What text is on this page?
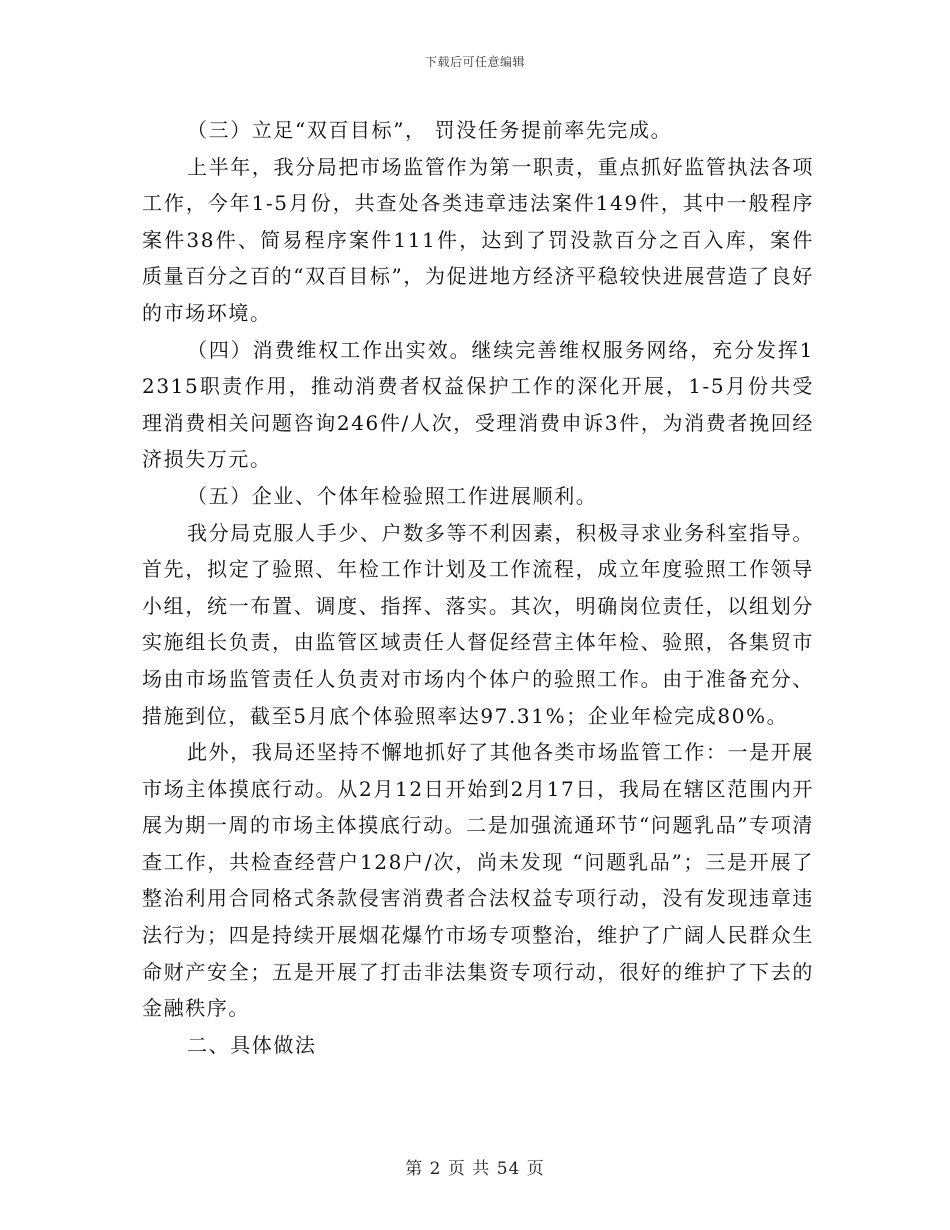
下载后可任意编辑

（三）立足“双百目标”， 罚没任务提前率先完成。

上半年，我分局把市场监管作为第一职责，重点抓好监管执法各项工作，今年1-5月份，共查处各类违章违法案件149件，其中一般程序案件38件、简易程序案件111件，达到了罚没款百分之百入库，案件质量百分之百的“双百目标”，为促进地方经济平稳较快进展营造了良好的市场环境。

（四）消费维权工作出实效。继续完善维权服务网络，充分发挥12315职责作用，推动消费者权益保护工作的深化开展，1-5月份共受理消费相关问题咨询246件/人次，受理消费申诉3件，为消费者挽回经济损失万元。

（五）企业、个体年检验照工作进展顺利。

我分局克服人手少、户数多等不利因素，积极寻求业务科室指导。首先，拟定了验照、年检工作计划及工作流程，成立年度验照工作领导小组，统一布置、调度、指挥、落实。其次，明确岗位责任，以组划分实施组长负责，由监管区域责任人督促经营主体年检、验照，各集贸市场由市场监管责任人负责对市场内个体户的验照工作。由于准备充分、措施到位，截至5月底个体验照率达97.31%；企业年检完成80%。

此外，我局还坚持不懈地抓好了其他各类市场监管工作：一是开展市场主体摸底行动。从2月12日开始到2月17日，我局在辖区范围内开展为期一周的市场主体摸底行动。二是加强流通环节“问题乳品”专项清查工作，共检查经营户128户/次，尚未发现 “问题乳品”；三是开展了整治利用合同格式条款侵害消费者合法权益专项行动，没有发现违章违法行为；四是持续开展烟花爆竹市场专项整治，维护了广阔人民群众生命财产安全；五是开展了打击非法集资专项行动，很好的维护了下去的金融秩序。

二、具体做法

第 2 页 共 54 页
